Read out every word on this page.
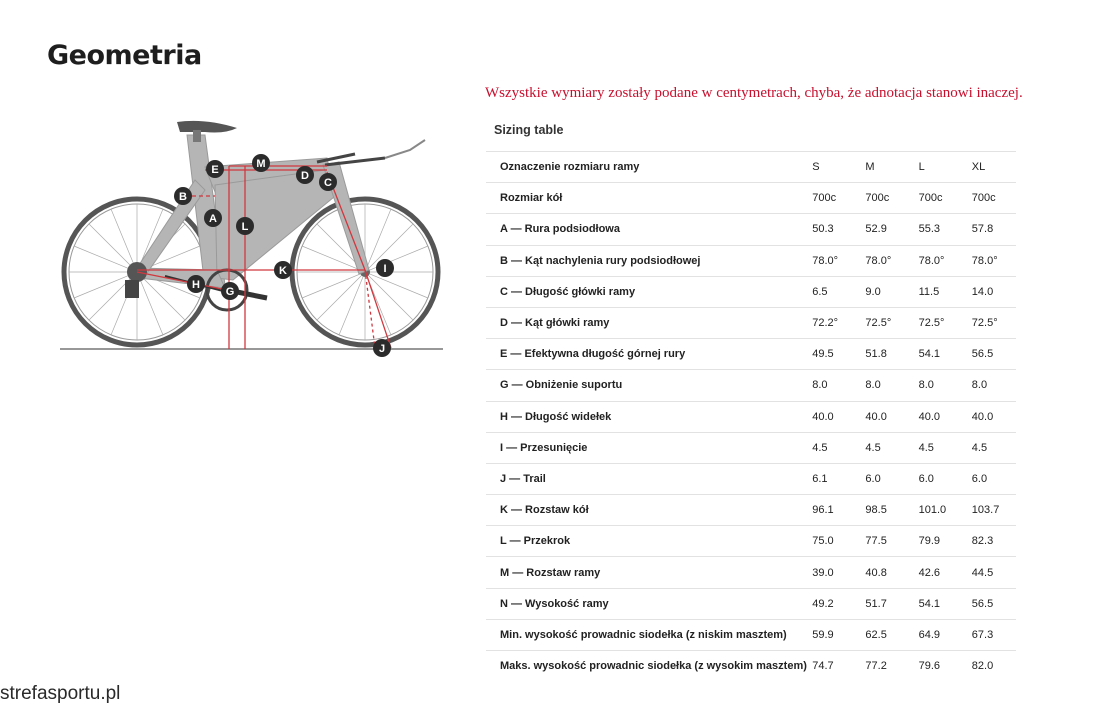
Geometria
Wszystkie wymiary zostały podane w centymetrach, chyba, że adnotacja stanowi inaczej.
E	M
D
C
B
A
L
K	I
H
G
J
Sizing table
Oznaczenie rozmiaru ramy	S	M	L	XL
Rozmiar kół	700c	700c	700c	700c
A — Rura podsiodłowa	50.3	52.9	55.3	57.8
B — Kąt nachylenia rury podsiodłowej	78.0°	78.0°	78.0°	78.0°
C — Długość główki ramy	6.5	9.0	11.5	14.0
D — Kąt główki ramy	72.2°	72.5°	72.5°	72.5°
E — Efektywna długość górnej rury	49.5	51.8	54.1	56.5
G — Obniżenie suportu	8.0	8.0	8.0	8.0
H — Długość widełek	40.0	40.0	40.0	40.0
I — Przesunięcie	4.5	4.5	4.5	4.5
J — Trail	6.1	6.0	6.0	6.0
K — Rozstaw kół	96.1	98.5	101.0	103.7
L — Przekrok	75.0	77.5	79.9	82.3
M — Rozstaw ramy	39.0	40.8	42.6	44.5
N — Wysokość ramy	49.2	51.7	54.1	56.5
Min. wysokość prowadnic siodełka (z niskim masztem)	59.9	62.5	64.9	67.3
Maks. wysokość prowadnic siodełka (z wysokim masztem)	74.7	77.2	79.6	82.0
strefasportu.pl
